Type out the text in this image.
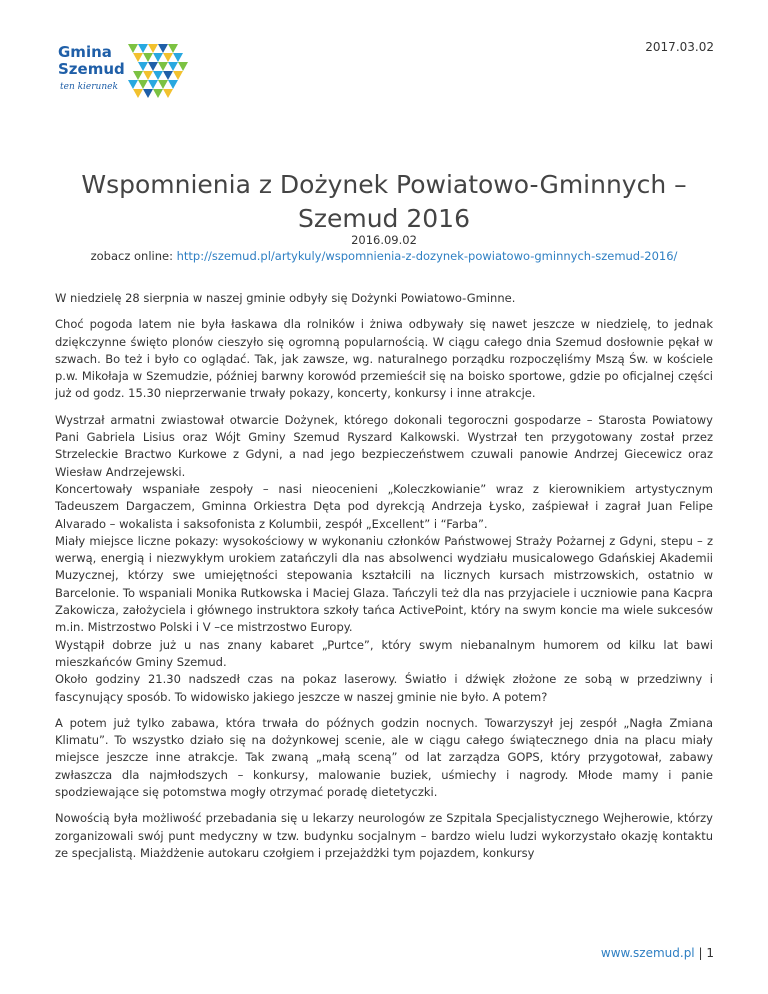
Gmina
Szemud
ten kierunek
2017.03.02
Wspomnienia z Dożynek Powiatowo-Gminnych – Szemud 2016
2016.09.02
zobacz online: http://szemud.pl/artykuly/wspomnienia-z-dozynek-powiatowo-gminnych-szemud-2016/

W niedzielę 28 sierpnia w naszej gminie odbyły się Dożynki Powiatowo-Gminne.

Choć pogoda latem nie była łaskawa dla rolników i żniwa odbywały się nawet jeszcze w niedzielę, to jednak dziękczynne święto plonów cieszyło się ogromną popularnością. W ciągu całego dnia Szemud dosłownie pękał w szwach. Bo też i było co oglądać. Tak, jak zawsze, wg. naturalnego porządku rozpoczęliśmy Mszą Św. w kościele p.w. Mikołaja w Szemudzie, później barwny korowód przemieścił się na boisko sportowe, gdzie po oficjalnej części już od godz. 15.30 nieprzerwanie trwały pokazy, koncerty, konkursy i inne atrakcje.

Wystrzał armatni zwiastował otwarcie Dożynek, którego dokonali tegoroczni gospodarze – Starosta Powiatowy Pani Gabriela Lisius oraz Wójt Gminy Szemud Ryszard Kalkowski. Wystrzał ten przygotowany został przez Strzeleckie Bractwo Kurkowe z Gdyni, a nad jego bezpieczeństwem czuwali panowie Andrzej Giecewicz oraz Wiesław Andrzejewski.
Koncertowały wspaniałe zespoły – nasi nieocenieni „Koleczkowianie” wraz z kierownikiem artystycznym Tadeuszem Dargaczem, Gminna Orkiestra Dęta pod dyrekcją Andrzeja Łysko, zaśpiewał i zagrał Juan Felipe Alvarado – wokalista i saksofonista z Kolumbii, zespół „Excellent” i “Farba”.
Miały miejsce liczne pokazy: wysokościowy w wykonaniu członków Państwowej Straży Pożarnej z Gdyni, stepu – z werwą, energią i niezwykłym urokiem zatańczyli dla nas absolwenci wydziału musicalowego Gdańskiej Akademii Muzycznej, którzy swe umiejętności stepowania kształcili na licznych kursach mistrzowskich, ostatnio w Barcelonie. To wspaniali Monika Rutkowska i Maciej Glaza. Tańczyli też dla nas przyjaciele i uczniowie pana Kacpra Zakowicza, założyciela i głównego instruktora szkoły tańca ActivePoint, który na swym koncie ma wiele sukcesów m.in. Mistrzostwo Polski i V –ce mistrzostwo Europy.
Wystąpił dobrze już u nas znany kabaret „Purtce”, który swym niebanalnym humorem od kilku lat bawi mieszkańców Gminy Szemud.
Około godziny 21.30 nadszedł czas na pokaz laserowy. Światło i dźwięk złożone ze sobą w przedziwny i fascynujący sposób. To widowisko jakiego jeszcze w naszej gminie nie było. A potem?

A potem już tylko zabawa, która trwała do późnych godzin nocnych. Towarzyszył jej zespół „Nagła Zmiana Klimatu”. To wszystko działo się na dożynkowej scenie, ale w ciągu całego świątecznego dnia na placu miały miejsce jeszcze inne atrakcje. Tak zwaną „małą sceną” od lat zarządza GOPS, który przygotował, zabawy zwłaszcza dla najmłodszych – konkursy, malowanie buziek, uśmiechy i nagrody. Młode mamy i panie spodziewające się potomstwa mogły otrzymać poradę dietetyczki.

Nowością była możliwość przebadania się u lekarzy neurologów ze Szpitala Specjalistycznego Wejherowie, którzy zorganizowali swój punt medyczny w tzw. budynku socjalnym – bardzo wielu ludzi wykorzystało okazję kontaktu ze specjalistą. Miażdżenie autokaru czołgiem i przejażdżki tym pojazdem, konkursy

www.szemud.pl | 1
